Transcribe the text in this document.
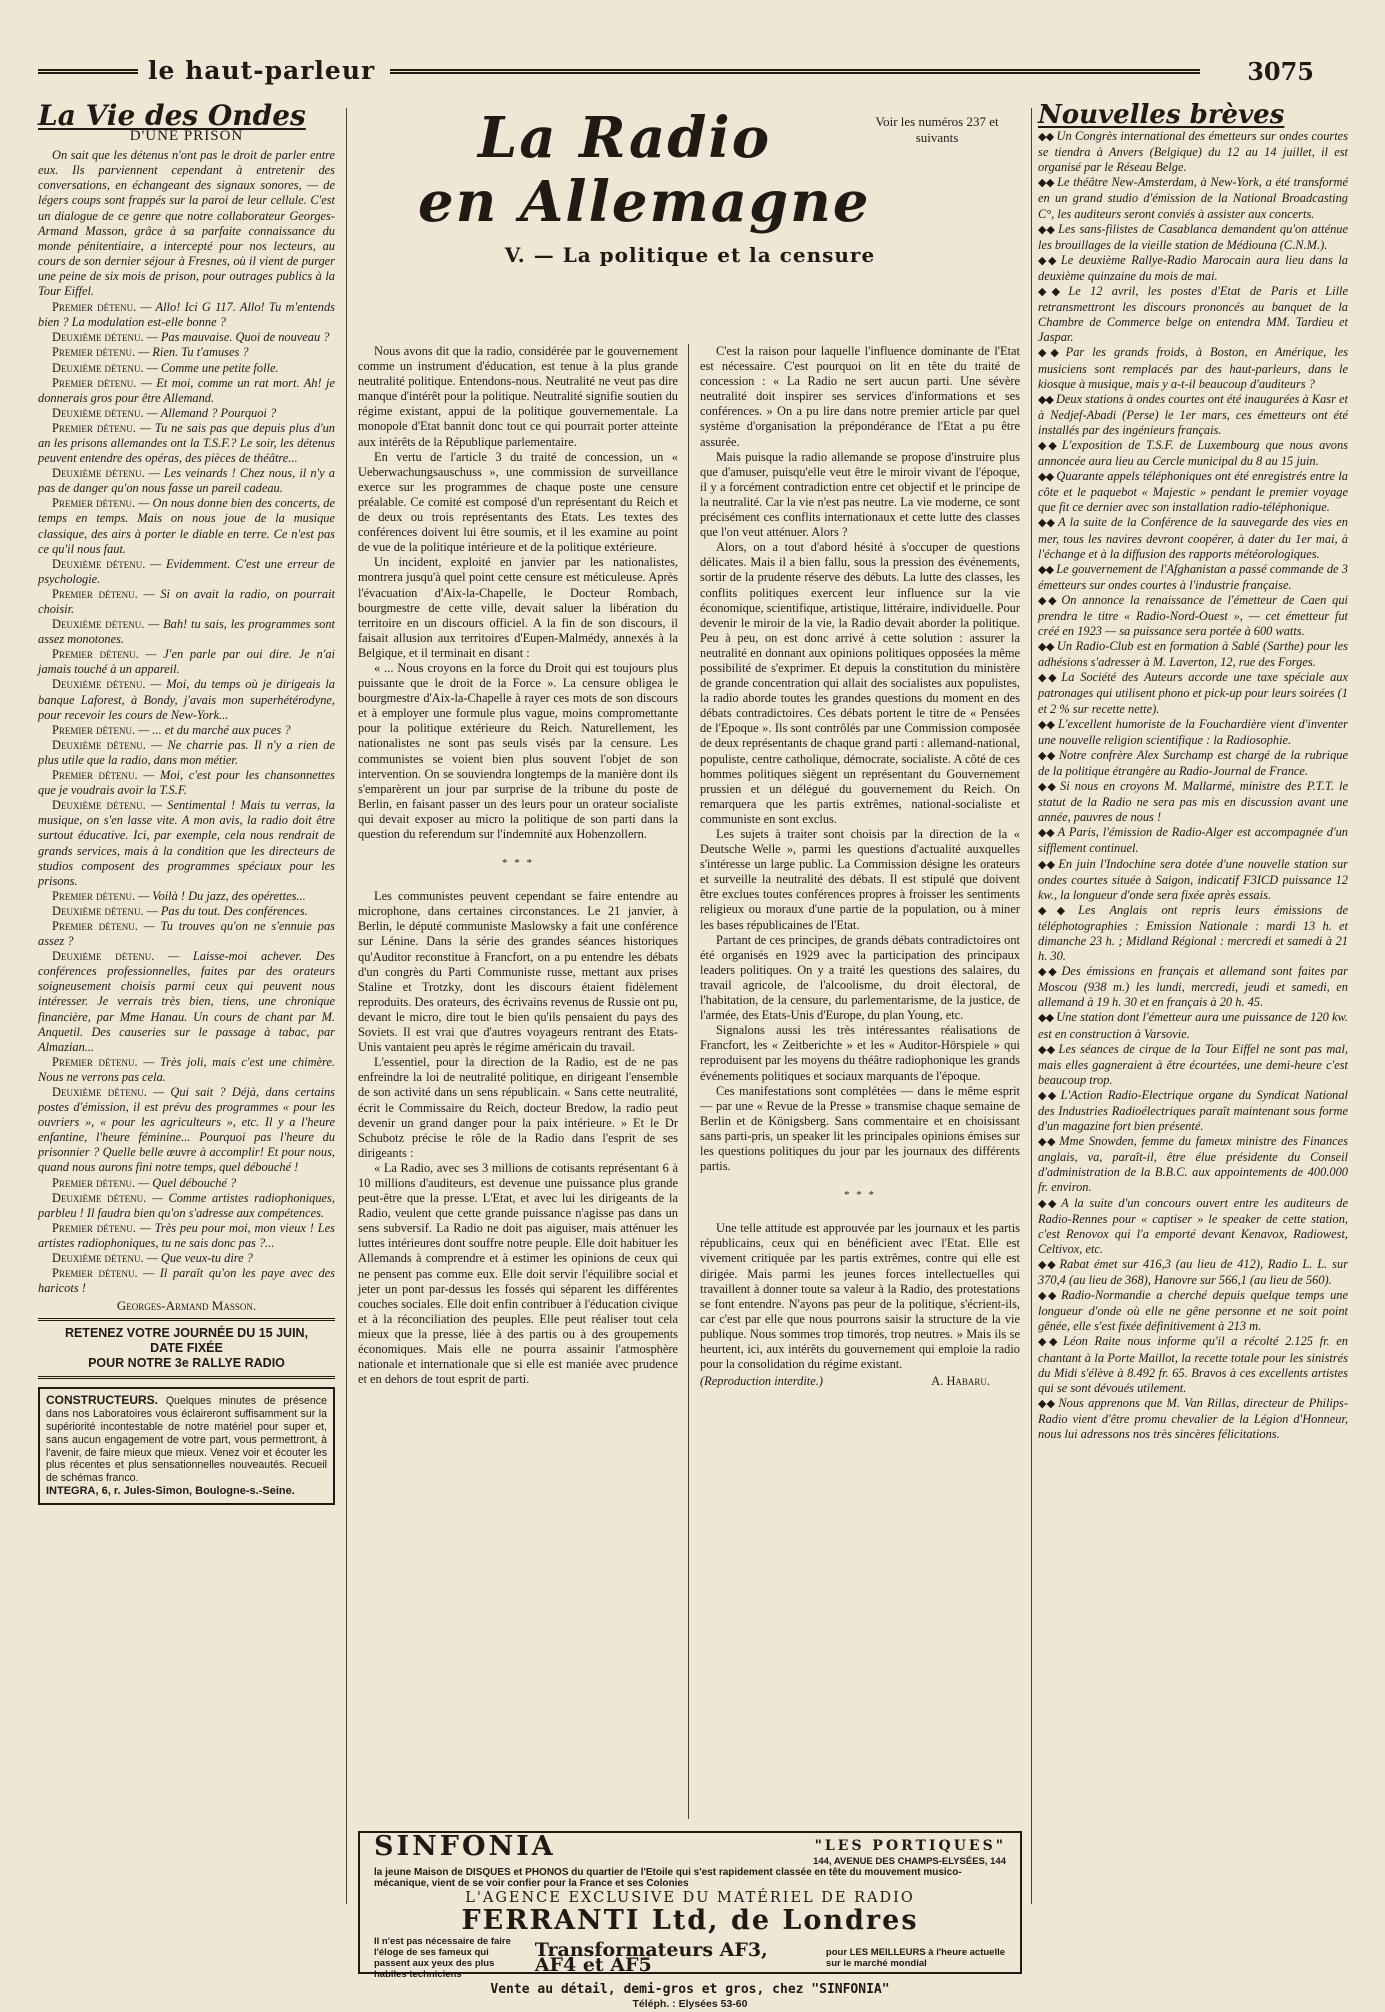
le haut-parleur	3075
La Vie des Ondes
D'UNE PRISON

On sait que les détenus n'ont pas le droit de parler entre eux. Ils parviennent cependant à entretenir des conversations, en échangeant des signaux sonores, — de légers coups sont frappés sur la paroi de leur cellule. C'est un dialogue de ce genre que notre collaborateur Georges-Armand Masson, grâce à sa parfaite connaissance du monde pénitentiaire, a intercepté pour nos lecteurs, au cours de son dernier séjour à Fresnes, où il vient de purger une peine de six mois de prison, pour outrages publics à la Tour Eiffel.

Premier détenu. — Allo! Ici G 117. Allo! Tu m'entends bien ? La modulation est-elle bonne ?

Deuxième détenu. — Pas mauvaise. Quoi de nouveau ?

Premier détenu. — Rien. Tu t'amuses ?

Deuxième détenu. — Comme une petite folle.

Premier détenu. — Et moi, comme un rat mort. Ah! je donnerais gros pour être Allemand.

Deuxième détenu. — Allemand ? Pourquoi ?

Premier détenu. — Tu ne sais pas que depuis plus d'un an les prisons allemandes ont la T.S.F.? Le soir, les détenus peuvent entendre des opéras, des pièces de théâtre...

Deuxième détenu. — Les veinards ! Chez nous, il n'y a pas de danger qu'on nous fasse un pareil cadeau.

Premier détenu. — On nous donne bien des concerts, de temps en temps. Mais on nous joue de la musique classique, des airs à porter le diable en terre. Ce n'est pas ce qu'il nous faut.

Deuxième détenu. — Evidemment. C'est une erreur de psychologie.

Premier détenu. — Si on avait la radio, on pourrait choisir.

Deuxième détenu. — Bah! tu sais, les programmes sont assez monotones.

Premier détenu. — J'en parle par oui dire. Je n'ai jamais touché à un appareil.

Deuxième détenu. — Moi, du temps où je dirigeais la banque Laforest, à Bondy, j'avais mon superhétérodyne, pour recevoir les cours de New-York...

Premier détenu. — ... et du marché aux puces ?

Deuxième détenu. — Ne charrie pas. Il n'y a rien de plus utile que la radio, dans mon métier.

Premier détenu. — Moi, c'est pour les chansonnettes que je voudrais avoir la T.S.F.

Deuxième détenu. — Sentimental ! Mais tu verras, la musique, on s'en lasse vite. A mon avis, la radio doit être surtout éducative. Ici, par exemple, cela nous rendrait de grands services, mais à la condition que les directeurs de studios composent des programmes spéciaux pour les prisons.

Premier détenu. — Voilà ! Du jazz, des opérettes...

Deuxième détenu. — Pas du tout. Des conférences.

Premier détenu. — Tu trouves qu'on ne s'ennuie pas assez ?

Deuxième détenu. — Laisse-moi achever. Des conférences professionnelles, faites par des orateurs soigneusement choisis parmi ceux qui peuvent nous intéresser. Je verrais très bien, tiens, une chronique financière, par Mme Hanau. Un cours de chant par M. Anquetil. Des causeries sur le passage à tabac, par Almazian...

Premier détenu. — Très joli, mais c'est une chimère. Nous ne verrons pas cela.

Deuxième détenu. — Qui sait ? Déjà, dans certains postes d'émission, il est prévu des programmes « pour les ouvriers », « pour les agriculteurs », etc. Il y a l'heure enfantine, l'heure féminine... Pourquoi pas l'heure du prisonnier ? Quelle belle œuvre à accomplir! Et pour nous, quand nous aurons fini notre temps, quel débouché !

Premier détenu. — Quel débouché ?

Deuxième détenu. — Comme artistes radiophoniques, parbleu ! Il faudra bien qu'on s'adresse aux compétences.

Premier détenu. — Très peu pour moi, mon vieux ! Les artistes radiophoniques, tu ne sais donc pas ?...

Deuxième détenu. — Que veux-tu dire ?

Premier détenu. — Il paraît qu'on les paye avec des haricots !

Georges-Armand Masson.
RETENEZ VOTRE JOURNÉE DU 15 JUIN,
DATE FIXÉE
POUR NOTRE 3e RALLYE RADIO
CONSTRUCTEURS. Quelques minutes de présence dans nos Laboratoires vous éclaireront suffisamment sur la supériorité incontestable de notre matériel pour super et, sans aucun engagement de votre part, vous permettront, à l'avenir, de faire mieux que mieux. Venez voir et écouter les plus récentes et plus sensationnelles nouveautés. Recueil de schémas franco.
INTEGRA, 6, r. Jules-Simon, Boulogne-s.-Seine.
La Radio
en Allemagne
Voir les numéros 237 et suivants
V. — La politique et la censure

Nous avons dit que la radio, considérée par le gouvernement comme un instrument d'éducation, est tenue à la plus grande neutralité politique. Entendons-nous. Neutralité ne veut pas dire manque d'intérêt pour la politique. Neutralité signifie soutien du régime existant, appui de la politique gouvernementale. La monopole d'Etat bannit donc tout ce qui pourrait porter atteinte aux intérêts de la République parlementaire.

En vertu de l'article 3 du traité de concession, un « Ueberwachungsauschuss », une commission de surveillance exerce sur les programmes de chaque poste une censure préalable. Ce comité est composé d'un représentant du Reich et de deux ou trois représentants des Etats. Les textes des conférences doivent lui être soumis, et il les examine au point de vue de la politique intérieure et de la politique extérieure.

Un incident, exploité en janvier par les nationalistes, montrera jusqu'à quel point cette censure est méticuleuse. Après l'évacuation d'Aix-la-Chapelle, le Docteur Rombach, bourgmestre de cette ville, devait saluer la libération du territoire en un discours officiel. A la fin de son discours, il faisait allusion aux territoires d'Eupen-Malmédy, annexés à la Belgique, et il terminait en disant :

« ... Nous croyons en la force du Droit qui est toujours plus puissante que le droit de la Force ». La censure obligea le bourgmestre d'Aix-la-Chapelle à rayer ces mots de son discours et à employer une formule plus vague, moins compromettante pour la politique extérieure du Reich. Naturellement, les nationalistes ne sont pas seuls visés par la censure. Les communistes se voient bien plus souvent l'objet de son intervention. On se souviendra longtemps de la manière dont ils s'emparèrent un jour par surprise de la tribune du poste de Berlin, en faisant passer un des leurs pour un orateur socialiste qui devait exposer au micro la politique de son parti dans la question du referendum sur l'indemnité aux Hohenzollern.

* * *

Les communistes peuvent cependant se faire entendre au microphone, dans certaines circonstances. Le 21 janvier, à Berlin, le député communiste Maslowsky a fait une conférence sur Lénine. Dans la série des grandes séances historiques qu'Auditor reconstitue à Francfort, on a pu entendre les débats d'un congrès du Parti Communiste russe, mettant aux prises Staline et Trotzky, dont les discours étaient fidèlement reproduits. Des orateurs, des écrivains revenus de Russie ont pu, devant le micro, dire tout le bien qu'ils pensaient du pays des Soviets. Il est vrai que d'autres voyageurs rentrant des Etats-Unis vantaient peu après le régime américain du travail.

L'essentiel, pour la direction de la Radio, est de ne pas enfreindre la loi de neutralité politique, en dirigeant l'ensemble de son activité dans un sens républicain. « Sans cette neutralité, écrit le Commissaire du Reich, docteur Bredow, la radio peut devenir un grand danger pour la paix intérieure. » Et le Dr Schubotz précise le rôle de la Radio dans l'esprit de ses dirigeants :

« La Radio, avec ses 3 millions de cotisants représentant 6 à 10 millions d'auditeurs, est devenue une puissance plus grande peut-être que la presse. L'Etat, et avec lui les dirigeants de la Radio, veulent que cette grande puissance n'agisse pas dans un sens subversif. La Radio ne doit pas aiguiser, mais atténuer les luttes intérieures dont souffre notre peuple. Elle doit habituer les Allemands à comprendre et à estimer les opinions de ceux qui ne pensent pas comme eux. Elle doit servir l'équilibre social et jeter un pont par-dessus les fossés qui séparent les différentes couches sociales. Elle doit enfin contribuer à l'éducation civique et à la réconciliation des peuples. Elle peut réaliser tout cela mieux que la presse, liée à des partis ou à des groupements économiques. Mais elle ne pourra assainir l'atmosphère nationale et internationale que si elle est maniée avec prudence et en dehors de tout esprit de parti.

C'est la raison pour laquelle l'influence dominante de l'Etat est nécessaire. C'est pourquoi on lit en tête du traité de concession : « La Radio ne sert aucun parti. Une sévère neutralité doit inspirer ses services d'informations et ses conférences. » On a pu lire dans notre premier article par quel système d'organisation la prépondérance de l'Etat a pu être assurée.

Mais puisque la radio allemande se propose d'instruire plus que d'amuser, puisqu'elle veut être le miroir vivant de l'époque, il y a forcément contradiction entre cet objectif et le principe de la neutralité. Car la vie n'est pas neutre. La vie moderne, ce sont précisément ces conflits internationaux et cette lutte des classes que l'on veut atténuer. Alors ?

Alors, on a tout d'abord hésité à s'occuper de questions délicates. Mais il a bien fallu, sous la pression des événements, sortir de la prudente réserve des débuts. La lutte des classes, les conflits politiques exercent leur influence sur la vie économique, scientifique, artistique, littéraire, individuelle. Pour devenir le miroir de la vie, la Radio devait aborder la politique. Peu à peu, on est donc arrivé à cette solution : assurer la neutralité en donnant aux opinions politiques opposées la même possibilité de s'exprimer. Et depuis la constitution du ministère de grande concentration qui allait des socialistes aux populistes, la radio aborde toutes les grandes questions du moment en des débats contradictoires. Ces débats portent le titre de « Pensées de l'Epoque ». Ils sont contrôlés par une Commission composée de deux représentants de chaque grand parti : allemand-national, populiste, centre catholique, démocrate, socialiste. A côté de ces hommes politiques siègent un représentant du Gouvernement prussien et un délégué du gouvernement du Reich. On remarquera que les partis extrêmes, national-socialiste et communiste en sont exclus.

Les sujets à traiter sont choisis par la direction de la « Deutsche Welle », parmi les questions d'actualité auxquelles s'intéresse un large public. La Commission désigne les orateurs et surveille la neutralité des débats. Il est stipulé que doivent être exclues toutes conférences propres à froisser les sentiments religieux ou moraux d'une partie de la population, ou à miner les bases républicaines de l'Etat.

Partant de ces principes, de grands débats contradictoires ont été organisés en 1929 avec la participation des principaux leaders politiques. On y a traité les questions des salaires, du travail agricole, de l'alcoolisme, du droit électoral, de l'habitation, de la censure, du parlementarisme, de la justice, de l'armée, des Etats-Unis d'Europe, du plan Young, etc.

Signalons aussi les très intéressantes réalisations de Francfort, les « Zeitberichte » et les « Auditor-Hörspiele » qui reproduisent par les moyens du théâtre radiophonique les grands événements politiques et sociaux marquants de l'époque.

Ces manifestations sont complétées — dans le même esprit — par une « Revue de la Presse » transmise chaque semaine de Berlin et de Königsberg. Sans commentaire et en choisissant sans parti-pris, un speaker lit les principales opinions émises sur les questions politiques du jour par les journaux des différents partis.

* * *

Une telle attitude est approuvée par les journaux et les partis républicains, ceux qui en bénéficient avec l'Etat. Elle est vivement critiquée par les partis extrêmes, contre qui elle est dirigée. Mais parmi les jeunes forces intellectuelles qui travaillent à donner toute sa valeur à la Radio, des protestations se font entendre. N'ayons pas peur de la politique, s'écrient-ils, car c'est par elle que nous pourrons saisir la structure de la vie publique. Nous sommes trop timorés, trop neutres. » Mais ils se heurtent, ici, aux intérêts du gouvernement qui emploie la radio pour la consolidation du régime existant.

(Reproduction interdite.)	A. Habaru.
SINFONIA	"LES PORTIQUES"
144, AVENUE DES CHAMPS-ELYSÉES, 144
la jeune Maison de DISQUES et PHONOS du quartier de l'Etoile qui s'est rapidement classée en tête du mouvement musico-mécanique, vient de se voir confier pour la France et ses Colonies
L'AGENCE EXCLUSIVE DU MATÉRIEL DE RADIO
FERRANTI Ltd, de Londres
Il n'est pas nécessaire de faire l'éloge de ses fameux qui passent aux yeux des plus habiles techniciens
Transformateurs AF3, AF4 et AF5
pour LES MEILLEURS à l'heure actuelle sur le marché mondial
Vente au détail, demi-gros et gros, chez "SINFONIA"
Téléph. : Elysées 53-60
Nouvelles brèves

◆◆ Un Congrès international des émetteurs sur ondes courtes se tiendra à Anvers (Belgique) du 12 au 14 juillet, il est organisé par le Réseau Belge.

◆◆ Le théâtre New-Amsterdam, à New-York, a été transformé en un grand studio d'émission de la National Broadcasting C°, les auditeurs seront conviés à assister aux concerts.

◆◆ Les sans-filistes de Casablanca demandent qu'on atténue les brouillages de la vieille station de Médiouna (C.N.M.).

◆◆ Le deuxième Rallye-Radio Marocain aura lieu dans la deuxième quinzaine du mois de mai.

◆◆ Le 12 avril, les postes d'Etat de Paris et Lille retransmettront les discours prononcés au banquet de la Chambre de Commerce belge on entendra MM. Tardieu et Jaspar.

◆◆ Par les grands froids, à Boston, en Amérique, les musiciens sont remplacés par des haut-parleurs, dans le kiosque à musique, mais y a-t-il beaucoup d'auditeurs ?

◆◆ Deux stations à ondes courtes ont été inaugurées à Kasr et à Nedjef-Abadi (Perse) le 1er mars, ces émetteurs ont été installés par des ingénieurs français.

◆◆ L'exposition de T.S.F. de Luxembourg que nous avons annoncée aura lieu au Cercle municipal du 8 au 15 juin.

◆◆ Quarante appels téléphoniques ont été enregistrés entre la côte et le paquebot « Majestic » pendant le premier voyage que fit ce dernier avec son installation radio-téléphonique.

◆◆ A la suite de la Conférence de la sauvegarde des vies en mer, tous les navires devront coopérer, à dater du 1er mai, à l'échange et à la diffusion des rapports météorologiques.

◆◆ Le gouvernement de l'Afghanistan a passé commande de 3 émetteurs sur ondes courtes à l'industrie française.

◆◆ On annonce la renaissance de l'émetteur de Caen qui prendra le titre « Radio-Nord-Ouest », — cet émetteur fut créé en 1923 — sa puissance sera portée à 600 watts.

◆◆ Un Radio-Club est en formation à Sablé (Sarthe) pour les adhésions s'adresser à M. Laverton, 12, rue des Forges.

◆◆ La Société des Auteurs accorde une taxe spéciale aux patronages qui utilisent phono et pick-up pour leurs soirées (1 et 2 % sur recette nette).

◆◆ L'excellent humoriste de la Fouchardière vient d'inventer une nouvelle religion scientifique : la Radiosophie.

◆◆ Notre confrère Alex Surchamp est chargé de la rubrique de la politique étrangère au Radio-Journal de France.

◆◆ Si nous en croyons M. Mallarmé, ministre des P.T.T. le statut de la Radio ne sera pas mis en discussion avant une année, pauvres de nous !

◆◆ A Paris, l'émission de Radio-Alger est accompagnée d'un sifflement continuel.

◆◆ En juin l'Indochine sera dotée d'une nouvelle station sur ondes courtes située à Saigon, indicatif F3ICD puissance 12 kw., la longueur d'onde sera fixée après essais.

◆◆ Les Anglais ont repris leurs émissions de téléphotographies : Emission Nationale : mardi 13 h. et dimanche 23 h. ; Midland Régional : mercredi et samedi à 21 h. 30.

◆◆ Des émissions en français et allemand sont faites par Moscou (938 m.) les lundi, mercredi, jeudi et samedi, en allemand à 19 h. 30 et en français à 20 h. 45.

◆◆ Une station dont l'émetteur aura une puissance de 120 kw. est en construction à Varsovie.

◆◆ Les séances de cirque de la Tour Eiffel ne sont pas mal, mais elles gagneraient à être écourtées, une demi-heure c'est beaucoup trop.

◆◆ L'Action Radio-Electrique organe du Syndicat National des Industries Radioélectriques paraît maintenant sous forme d'un magazine fort bien présenté.

◆◆ Mme Snowden, femme du fameux ministre des Finances anglais, va, paraît-il, être élue présidente du Conseil d'administration de la B.B.C. aux appointements de 400.000 fr. environ.

◆◆ A la suite d'un concours ouvert entre les auditeurs de Radio-Rennes pour « captiser » le speaker de cette station, c'est Renovox qui l'a emporté devant Kenavox, Radiowest, Celtivox, etc.

◆◆ Rabat émet sur 416,3 (au lieu de 412), Radio L. L. sur 370,4 (au lieu de 368), Hanovre sur 566,1 (au lieu de 560).

◆◆ Radio-Normandie a cherché depuis quelque temps une longueur d'onde où elle ne gêne personne et ne soit point gênée, elle s'est fixée définitivement à 213 m.

◆◆ Léon Raite nous informe qu'il a récolté 2.125 fr. en chantant à la Porte Maillot, la recette totale pour les sinistrés du Midi s'élève à 8.492 fr. 65. Bravos à ces excellents artistes qui se sont dévoués utilement.

◆◆ Nous apprenons que M. Van Rillas, directeur de Philips-Radio vient d'être promu chevalier de la Légion d'Honneur, nous lui adressons nos très sincères félicitations.
